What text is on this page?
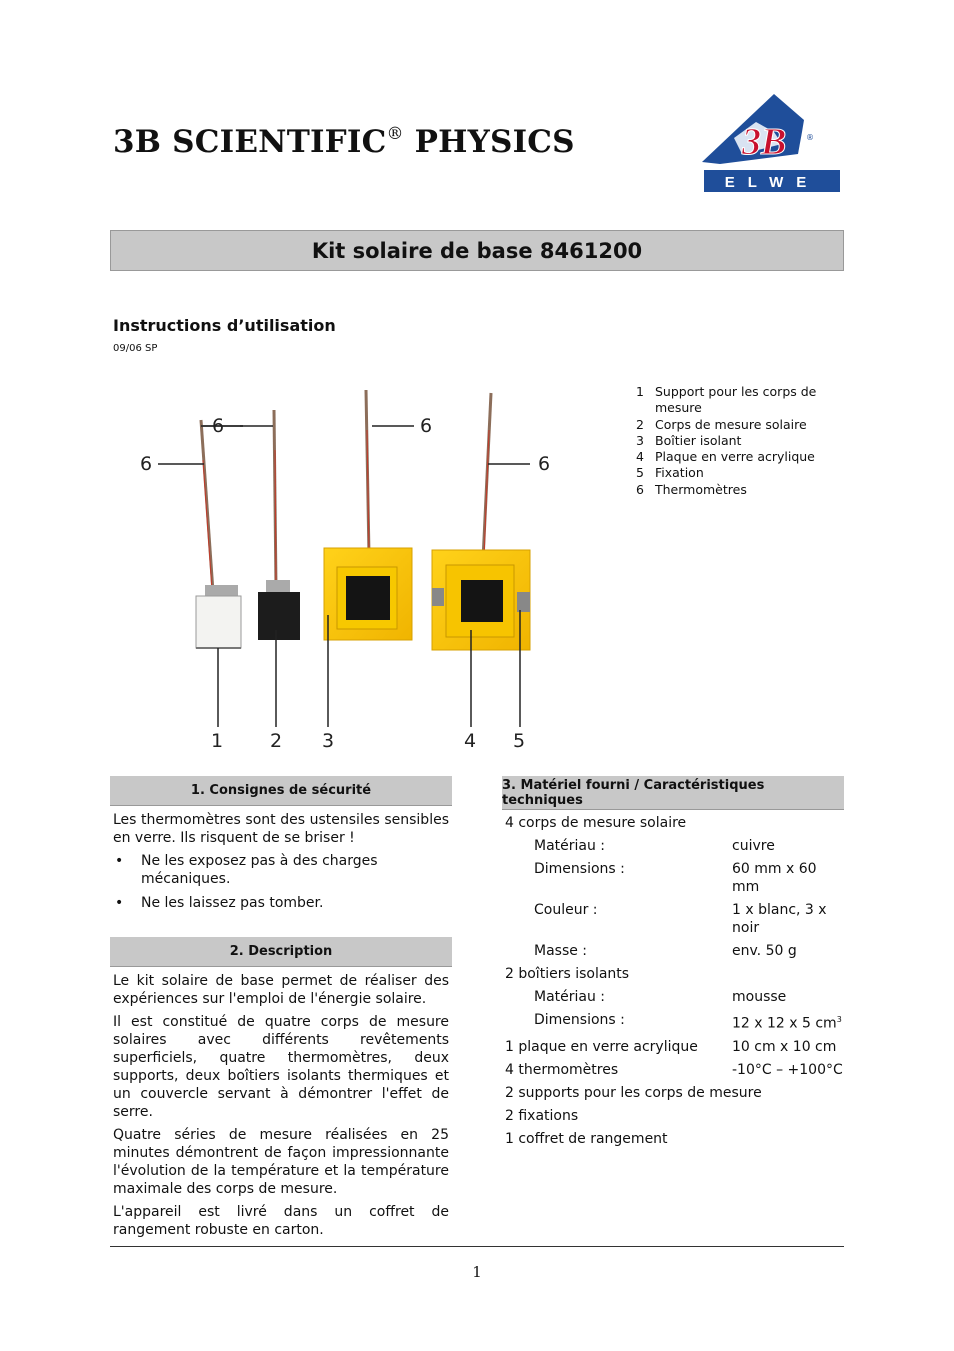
3B SCIENTIFIC® PHYSICS	3B ®
ELWE
Kit solaire de base 8461200
Instructions d’utilisation
09/06 SP
6
6
6
6
1 2 3	4 5
1 Support pour les corps de mesure
2 Corps de mesure solaire
3 Boîtier isolant
4 Plaque en verre acrylique
5 Fixation
6 Thermomètres
1. Consignes de sécurité

Les thermomètres sont des ustensiles sensibles en verre. Ils risquent de se briser !

•	Ne les exposez pas à des charges mécaniques.
•	Ne les laissez pas tomber.
2. Description

Le kit solaire de base permet de réaliser des expériences sur l'emploi de l'énergie solaire.

Il est constitué de quatre corps de mesure solaires avec différents revêtements superficiels, quatre thermomètres, deux supports, deux boîtiers isolants thermiques et un couvercle servant à démontrer l'effet de serre.

Quatre séries de mesure réalisées en 25 minutes démontrent de façon impressionnante l'évolution de la température et la température maximale des corps de mesure.

L'appareil est livré dans un coffret de rangement robuste en carton.

3. Matériel fourni / Caractéristiques techniques
4 corps de mesure solaire
Matériau :	cuivre
Dimensions :	60 mm x 60 mm
Couleur :	1 x blanc, 3 x noir
Masse :	env. 50 g
2 boîtiers isolants
Matériau :	mousse
Dimensions :	12 x 12 x 5 $cm^3$
1 plaque en verre acrylique	10 cm x 10 cm
4 thermomètres	-10°C – +100°C
2 supports pour les corps de mesure
2 fixations
1 coffret de rangement
1
